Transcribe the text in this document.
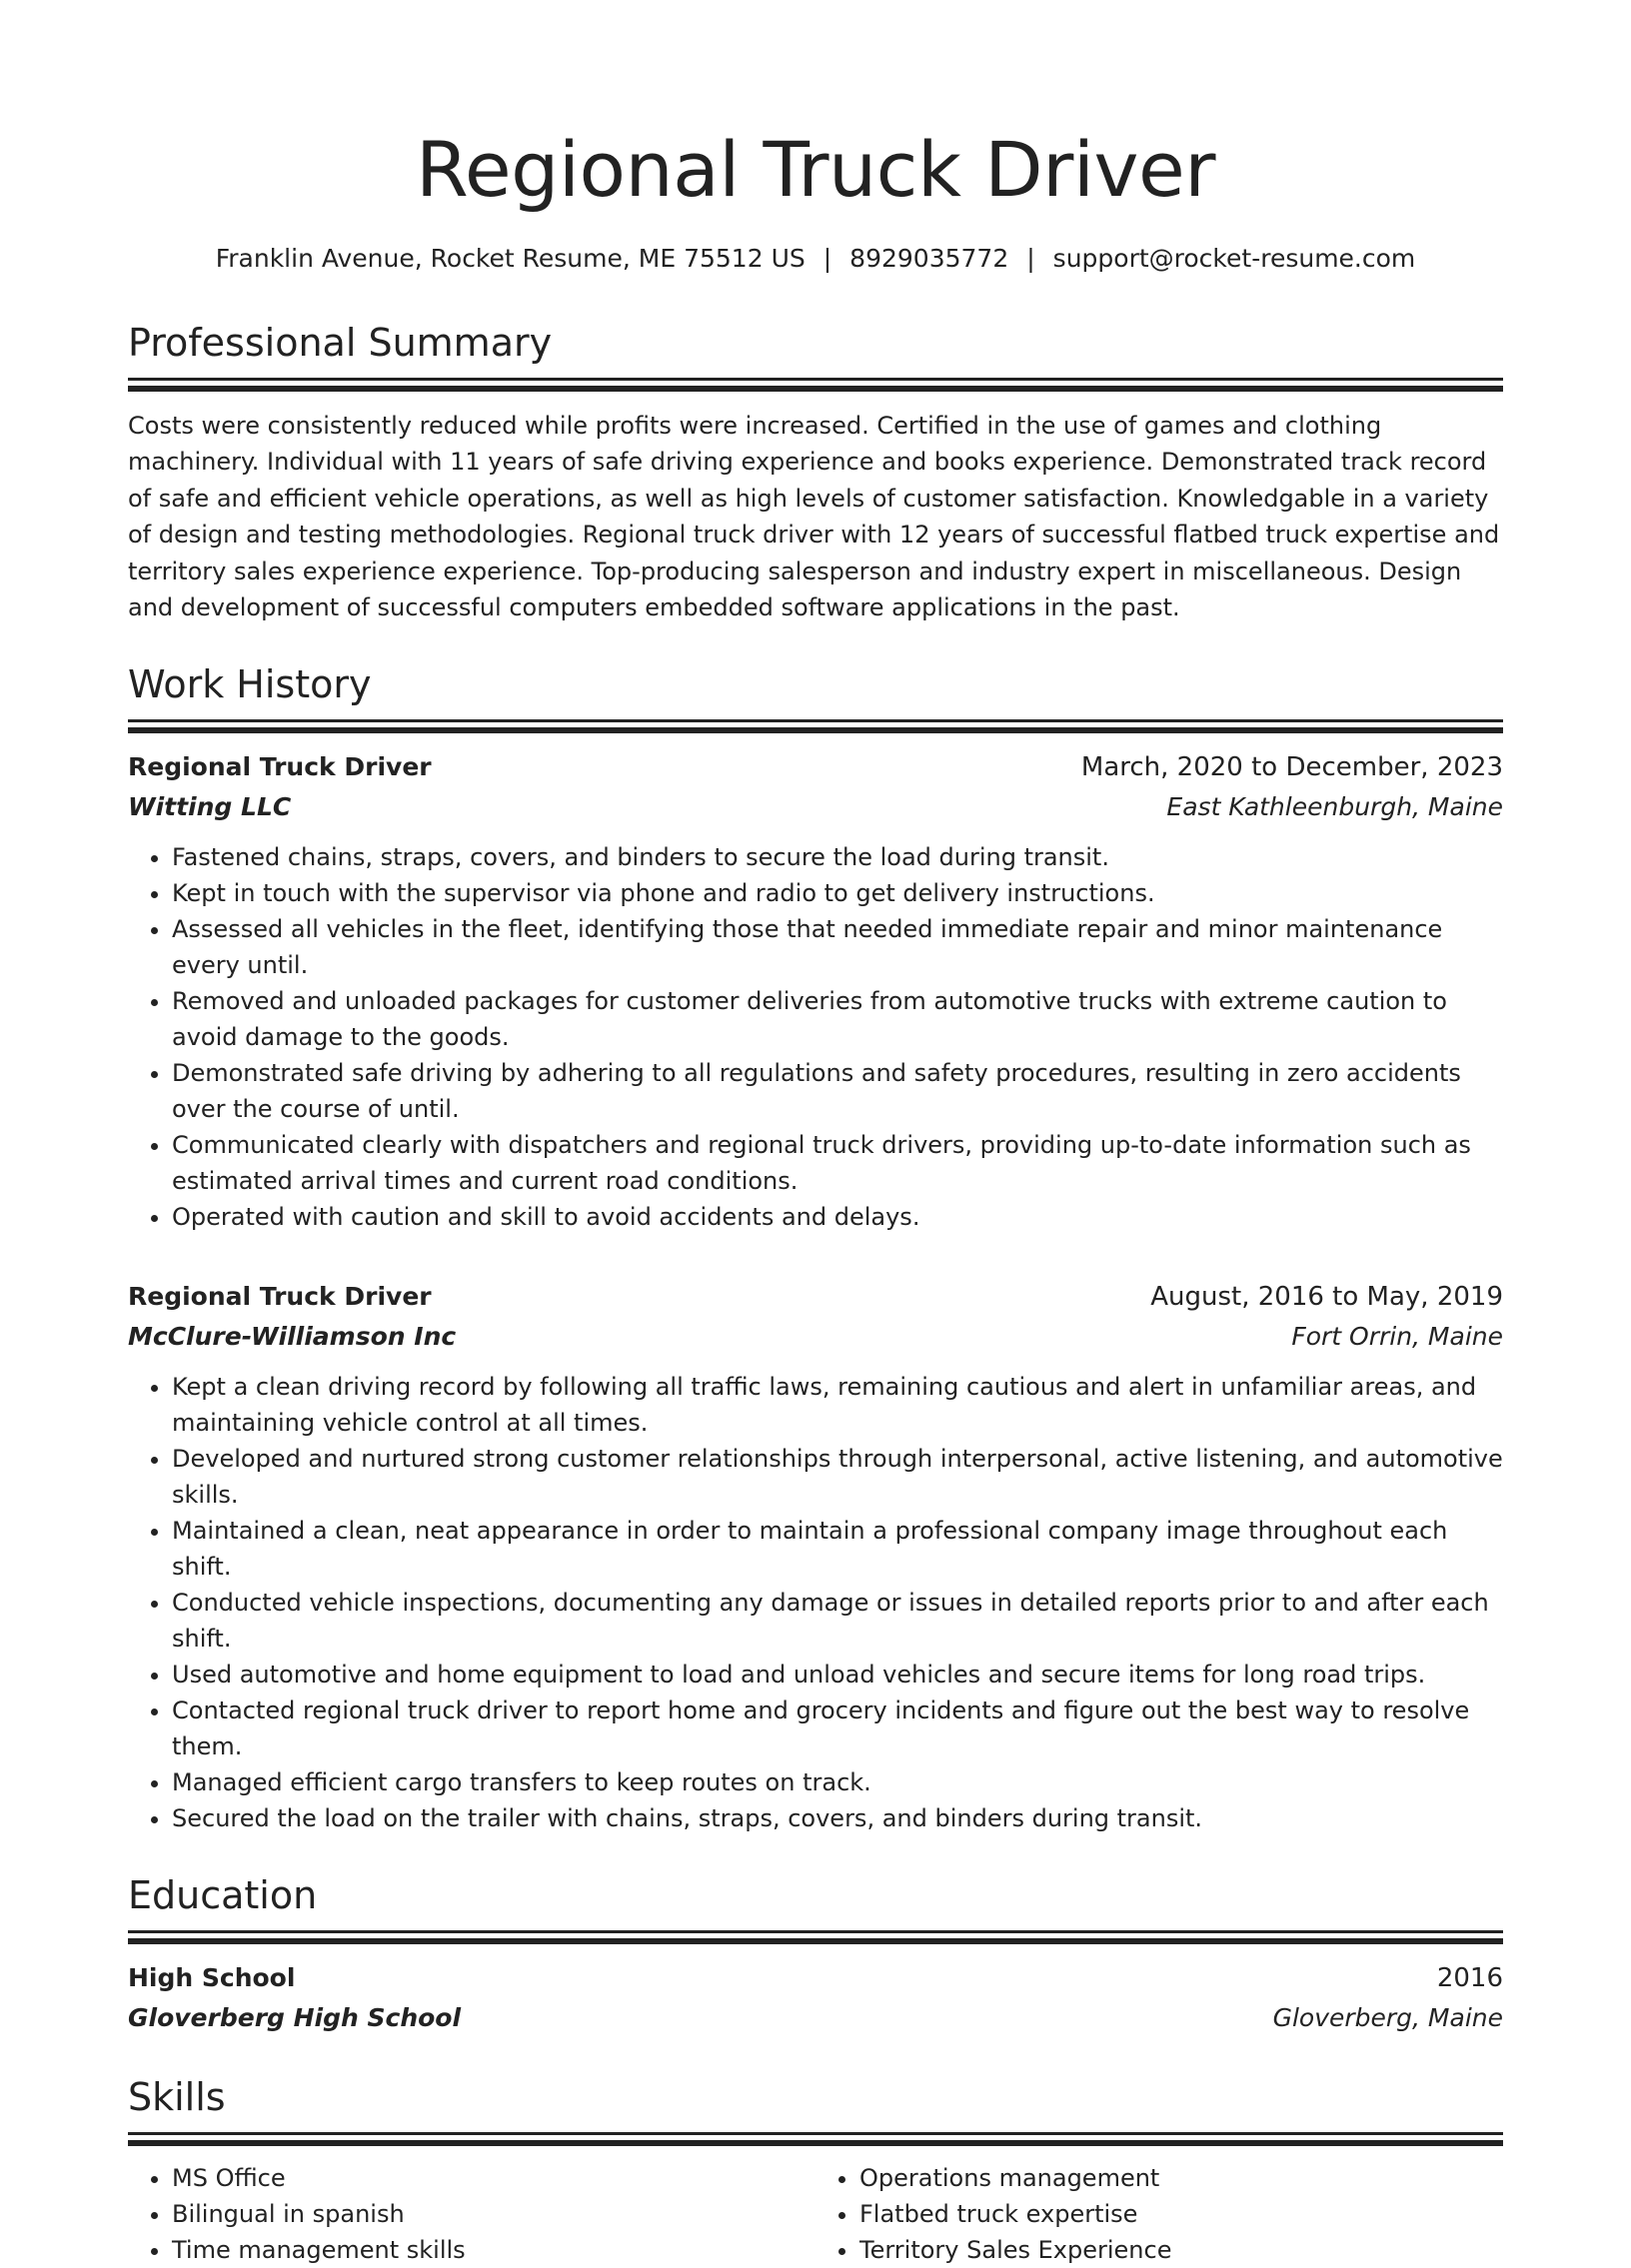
Regional Truck Driver
Franklin Avenue, Rocket Resume, ME 75512 US | 8929035772 | support@rocket-resume.com
Professional Summary
Costs were consistently reduced while profits were increased. Certified in the use of games and clothing machinery. Individual with 11 years of safe driving experience and books experience. Demonstrated track record of safe and efficient vehicle operations, as well as high levels of customer satisfaction. Knowledgable in a variety of design and testing methodologies. Regional truck driver with 12 years of successful flatbed truck expertise and territory sales experience experience. Top-producing salesperson and industry expert in miscellaneous. Design and development of successful computers embedded software applications in the past.
Work History
Regional Truck Driver	March, 2020 to December, 2023
Witting LLC	East Kathleenburgh, Maine
• Fastened chains, straps, covers, and binders to secure the load during transit.
• Kept in touch with the supervisor via phone and radio to get delivery instructions.
• Assessed all vehicles in the fleet, identifying those that needed immediate repair and minor maintenance every until.
• Removed and unloaded packages for customer deliveries from automotive trucks with extreme caution to avoid damage to the goods.
• Demonstrated safe driving by adhering to all regulations and safety procedures, resulting in zero accidents over the course of until.
• Communicated clearly with dispatchers and regional truck drivers, providing up-to-date information such as estimated arrival times and current road conditions.
• Operated with caution and skill to avoid accidents and delays.
Regional Truck Driver	August, 2016 to May, 2019
McClure-Williamson Inc	Fort Orrin, Maine
• Kept a clean driving record by following all traffic laws, remaining cautious and alert in unfamiliar areas, and maintaining vehicle control at all times.
• Developed and nurtured strong customer relationships through interpersonal, active listening, and automotive skills.
• Maintained a clean, neat appearance in order to maintain a professional company image throughout each shift.
• Conducted vehicle inspections, documenting any damage or issues in detailed reports prior to and after each shift.
• Used automotive and home equipment to load and unload vehicles and secure items for long road trips.
• Contacted regional truck driver to report home and grocery incidents and figure out the best way to resolve them.
• Managed efficient cargo transfers to keep routes on track.
• Secured the load on the trailer with chains, straps, covers, and binders during transit.
Education
High School	2016
Gloverberg High School	Gloverberg, Maine
Skills
• MS Office
• Bilingual in spanish
• Time management skills
• Operations management
• Flatbed truck expertise
• Territory Sales Experience
